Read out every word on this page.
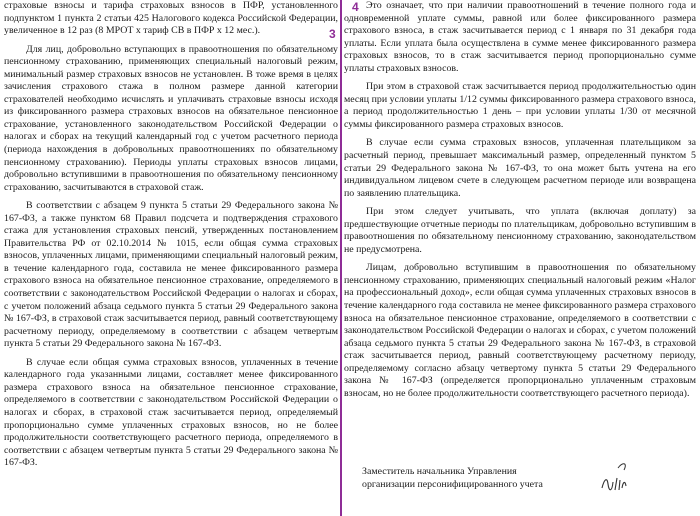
3
4

страховые взносы и тарифа страховых взносов в ПФР, установленного подпунктом 1 пункта 2 статьи 425 Налогового кодекса Российской Федерации, увеличенное в 12 раз (8 МРОТ х тариф СВ в ПФР х 12 мес.).

Для лиц, добровольно вступающих в правоотношения по обязательному пенсионному страхованию, применяющих специальный налоговый режим, минимальный размер страховых взносов не установлен. В тоже время в целях зачисления страхового стажа в полном размере данной категории страхователей необходимо исчислять и уплачивать страховые взносы исходя из фиксированного размера страховых взносов на обязательное пенсионное страхование, установленного законодательством Российской Федерации о налогах и сборах на текущий календарный год с учетом расчетного периода (периода нахождения в добровольных правоотношениях по обязательному пенсионному страхованию). Периоды уплаты страховых взносов лицами, добровольно вступившими в правоотношения по обязательному пенсионному страхованию, засчитываются в страховой стаж.

В соответствии с абзацем 9 пункта 5 статьи 29 Федерального закона № 167-ФЗ, а также пунктом 68 Правил подсчета и подтверждения страхового стажа для установления страховых пенсий, утвержденных постановлением Правительства РФ от 02.10.2014 № 1015, если общая сумма страховых взносов, уплаченных лицами, применяющими специальный налоговый режим, в течение календарного года, составила не менее фиксированного размера страхового взноса на обязательное пенсионное страхование, определяемого в соответствии с законодательством Российской Федерации о налогах и сборах, с учетом положений абзаца седьмого пункта 5 статьи 29 Федерального закона № 167-ФЗ, в страховой стаж засчитывается период, равный соответствующему расчетному периоду, определяемому в соответствии с абзацем четвертым пункта 5 статьи 29 Федерального закона № 167-ФЗ.

В случае если общая сумма страховых взносов, уплаченных в течение календарного года указанными лицами, составляет менее фиксированного размера страхового взноса на обязательное пенсионное страхование, определяемого в соответствии с законодательством Российской Федерации о налогах и сборах, в страховой стаж засчитывается период, определяемый пропорционально сумме уплаченных страховых взносов, но не более продолжительности соответствующего расчетного периода, определяемого в соответствии с абзацем четвертым пункта 5 статьи 29 Федерального закона № 167-ФЗ.

Это означает, что при наличии правоотношений в течение полного года и одновременной уплате суммы, равной или более фиксированного размера страхового взноса, в стаж засчитывается период с 1 января по 31 декабря года уплаты. Если уплата была осуществлена в сумме менее фиксированного размера страховых взносов, то в стаж засчитывается период пропорционально сумме уплаты страховых взносов.

При этом в страховой стаж засчитывается период продолжительностью один месяц при условии уплаты 1/12 суммы фиксированного размера страхового взноса, а период продолжительностью 1 день – при условии уплаты 1/30 от месячной суммы фиксированного размера страховых взносов.

В случае если сумма страховых взносов, уплаченная плательщиком за расчетный период, превышает максимальный размер, определенный пунктом 5 статьи 29 Федерального закона № 167-ФЗ, то она может быть учтена на его индивидуальном лицевом счете в следующем расчетном периоде или возвращена по заявлению плательщика.

При этом следует учитывать, что уплата (включая доплату) за предшествующие отчетные периоды по плательщикам, добровольно вступившим в правоотношения по обязательному пенсионному страхованию, законодательством не предусмотрена.

Лицам, добровольно вступившим в правоотношения по обязательному пенсионному страхованию, применяющих специальный налоговый режим «Налог на профессиональный доход», если общая сумма уплаченных страховых взносов в течение календарного года составила не менее фиксированного размера страхового взноса на обязательное пенсионное страхование, определяемого в соответствии с законодательством Российской Федерации о налогах и сборах, с учетом положений абзаца седьмого пункта 5 статьи 29 Федерального закона № 167-ФЗ, в страховой стаж засчитывается период, равный соответствующему расчетному периоду, определяемому согласно абзацу четвертому пункта 5 статьи 29 Федерального закона № 167-ФЗ (определяется пропорционально уплаченным страховым взносам, но не более продолжительности соответствующего расчетного периода).

Заместитель начальника Управления
организации персонифицированного учета
